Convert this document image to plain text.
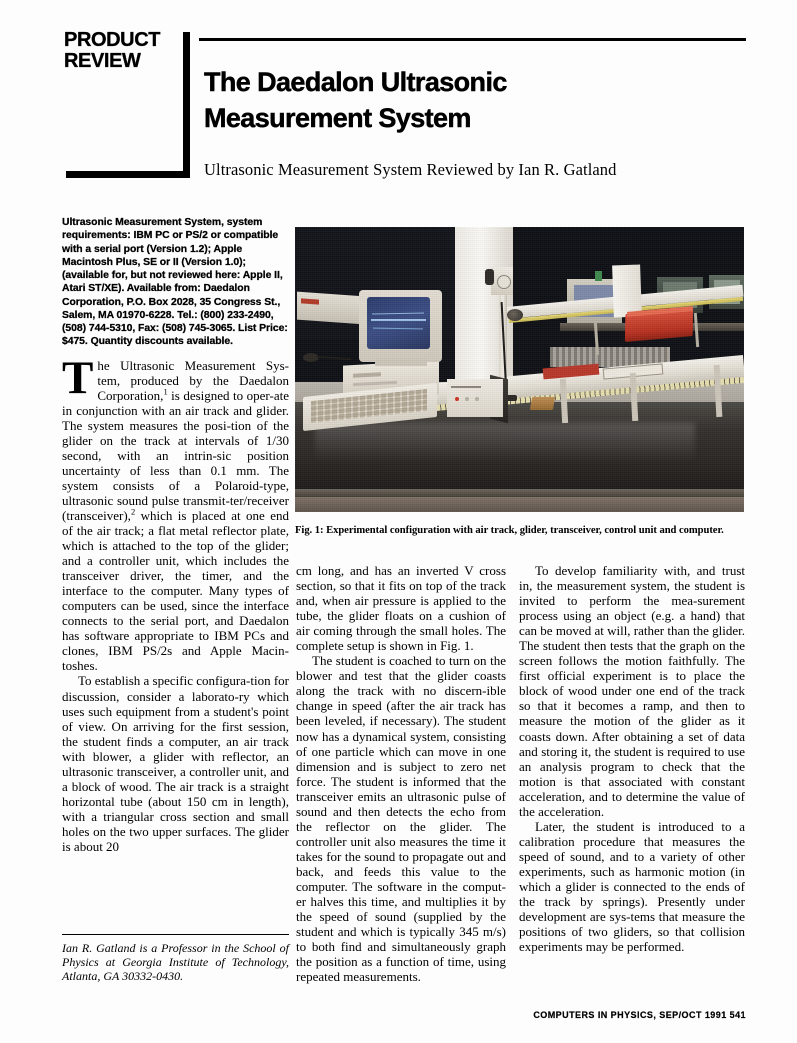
PRODUCT
REVIEW
The Daedalon Ultrasonic
Measurement System
Ultrasonic Measurement System Reviewed by Ian R. Gatland
Ultrasonic Measurement System, system requirements: IBM PC or PS/2 or compatible with a serial port (Version 1.2); Apple Macintosh Plus, SE or II (Version 1.0); (available for, but not reviewed here: Apple II, Atari ST/XE). Available from: Daedalon Corporation, P.O. Box 2028, 35 Congress St., Salem, MA 01970-6228. Tel.: (800) 233-2490, (508) 744-5310, Fax: (508) 745-3065. List Price: $475. Quantity discounts available.

The Ultrasonic Measurement Sys-tem, produced by the Daedalon Corporation,$^1$ is designed to oper-ate in conjunction with an air track and glider. The system measures the posi-tion of the glider on the track at intervals of 1/30 second, with an intrin-sic position uncertainty of less than 0.1 mm. The system consists of a Polaroid-type, ultrasonic sound pulse transmit-ter/receiver (transceiver),$^2$ which is placed at one end of the air track; a flat metal reflector plate, which is attached to the top of the glider; and a controller unit, which includes the transceiver driver, the timer, and the interface to the computer. Many types of computers can be used, since the interface connects to the serial port, and Daedalon has software appropriate to IBM PCs and clones, IBM PS/2s and Apple Macin-toshes.

To establish a specific configura-tion for discussion, consider a laborato-ry which uses such equipment from a student's point of view. On arriving for the first session, the student finds a computer, an air track with blower, a glider with reflector, an ultrasonic transceiver, a controller unit, and a block of wood. The air track is a straight horizontal tube (about 150 cm in length), with a triangular cross section and small holes on the two upper surfaces. The glider is about 20

Ian R. Gatland is a Professor in the School of Physics at Georgia Institute of Technology, Atlanta, GA 30332-0430.
Fig. 1: Experimental configuration with air track, glider, transceiver, control unit and computer.

cm long, and has an inverted V cross section, so that it fits on top of the track and, when air pressure is applied to the tube, the glider floats on a cushion of air coming through the small holes. The complete setup is shown in Fig. 1.

The student is coached to turn on the blower and test that the glider coasts along the track with no discern-ible change in speed (after the air track has been leveled, if necessary). The student now has a dynamical system, consisting of one particle which can move in one dimension and is subject to zero net force. The student is informed that the transceiver emits an ultrasonic pulse of sound and then detects the echo from the reflector on the glider. The controller unit also measures the time it takes for the sound to propagate out and back, and feeds this value to the computer. The software in the comput-er halves this time, and multiplies it by the speed of sound (supplied by the student and which is typically 345 m/s) to both find and simultaneously graph the position as a function of time, using repeated measurements.

To develop familiarity with, and trust in, the measurement system, the student is invited to perform the mea-surement process using an object (e.g. a hand) that can be moved at will, rather than the glider. The student then tests that the graph on the screen follows the motion faithfully. The first official experiment is to place the block of wood under one end of the track so that it becomes a ramp, and then to measure the motion of the glider as it coasts down. After obtaining a set of data and storing it, the student is required to use an analysis program to check that the motion is that associated with constant acceleration, and to determine the value of the acceleration.

Later, the student is introduced to a calibration procedure that measures the speed of sound, and to a variety of other experiments, such as harmonic motion (in which a glider is connected to the ends of the track by springs). Presently under development are sys-tems that measure the positions of two gliders, so that collision experiments may be performed.

COMPUTERS IN PHYSICS, SEP/OCT 1991 541
